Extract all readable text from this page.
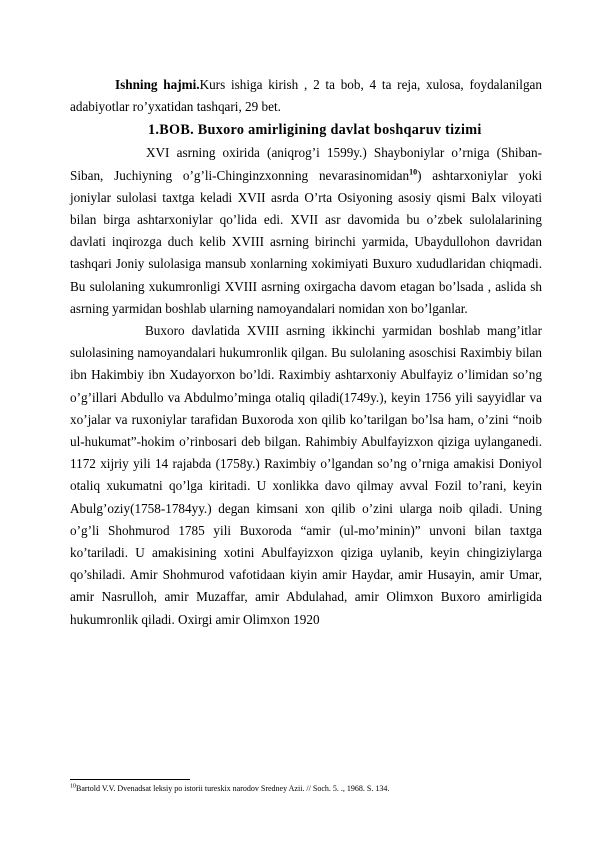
Ishning hajmi.Kurs ishiga kirish , 2 ta bob, 4 ta reja, xulosa, foydalanilgan adabiyotlar ro’yxatidan tashqari, 29 bet.

1.BOB. Buxoro amirligining davlat boshqaruv tizimi

XVI asrning oxirida (aniqrog’i 1599y.) Shayboniylar o’rniga (Shiban-Siban, Juchiyning o’g’li-Chinginzxonning nevarasinomidan$^{10}$) ashtarxoniylar yoki joniylar sulolasi taxtga keladi XVII asrda O’rta Osiyoning asosiy qismi Balx viloyati bilan birga ashtarxoniylar qo’lida edi. XVII asr davomida bu o’zbek sulolalarining davlati inqirozga duch kelib XVIII asrning birinchi yarmida, Ubaydullohon davridan tashqari Joniy sulolasiga mansub xonlarning xokimiyati Buxuro xududlaridan chiqmadi. Bu sulolaning xukumronligi XVIII asrning oxirgacha davom etagan bo’lsada , aslida sh asrning yarmidan boshlab ularning namoyandalari nomidan xon bo’lganlar.

Buxoro davlatida XVIII asrning ikkinchi yarmidan boshlab mang’itlar sulolasining namoyandalari hukumronlik qilgan. Bu sulolaning asoschisi Raximbiy bilan ibn Hakimbiy ibn Xudayorxon bo’ldi. Raximbiy ashtarxoniy Abulfayiz o’limidan so’ng o’g’illari Abdullo va Abdulmo’minga otaliq qiladi(1749y.), keyin 1756 yili sayyidlar va xo’jalar va ruxoniylar tarafidan Buxoroda xon qilib ko’tarilgan bo’lsa ham, o’zini “noib ul-hukumat”-hokim o’rinbosari deb bilgan. Rahimbiy Abulfayizxon qiziga uylanganedi. 1172 xijriy yili 14 rajabda (1758y.) Raximbiy o’lgandan so’ng o’rniga amakisi Doniyol otaliq xukumatni qo’lga kiritadi. U xonlikka davo qilmay avval Fozil to’rani, keyin Abulg’oziy(1758-1784yy.) degan kimsani xon qilib o’zini ularga noib qiladi. Uning o’g’li Shohmurod 1785 yili Buxoroda “amir (ul-mo’minin)” unvoni bilan taxtga ko’tariladi. U amakisining xotini Abulfayizxon qiziga uylanib, keyin chingiziylarga qo’shiladi. Amir Shohmurod vafotidaan kiyin amir Haydar, amir Husayin, amir Umar, amir Nasrulloh, amir Muzaffar, amir Abdulahad, amir Olimxon Buxoro amirligida hukumronlik qiladi. Oxirgi amir Olimxon 1920

$^{10}$Bartold V.V. Dvenadsat leksiy po istorii tureskix narodov Sredney Azii. // Soch. 5. ., 1968. S. 134.
